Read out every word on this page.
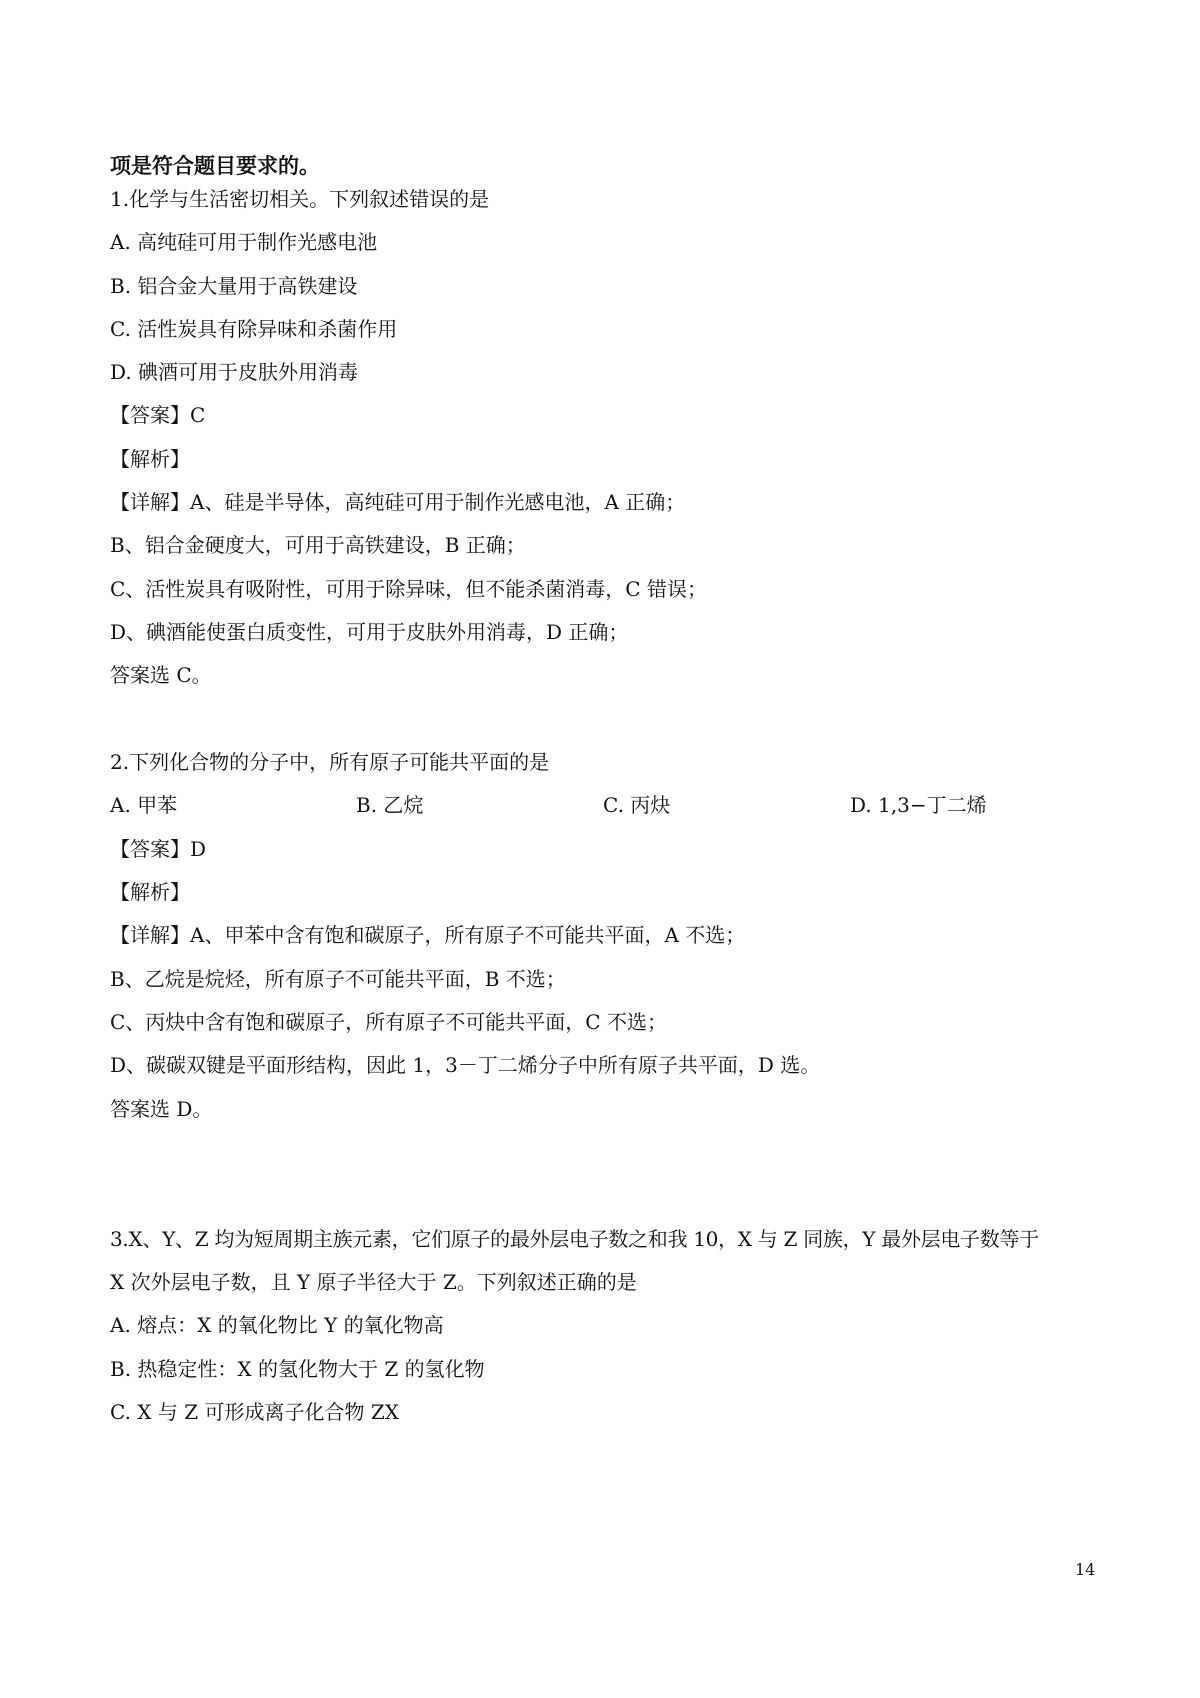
项是符合题目要求的。
1.化学与生活密切相关。下列叙述错误的是
A. 高纯硅可用于制作光感电池
B. 铝合金大量用于高铁建设
C. 活性炭具有除异味和杀菌作用
D. 碘酒可用于皮肤外用消毒
【答案】C
【解析】
【详解】A、硅是半导体，高纯硅可用于制作光感电池，A 正确；
B、铝合金硬度大，可用于高铁建设，B 正确；
C、活性炭具有吸附性，可用于除异味，但不能杀菌消毒，C 错误；
D、碘酒能使蛋白质变性，可用于皮肤外用消毒，D 正确；
答案选 C。
2.下列化合物的分子中，所有原子可能共平面的是
A. 甲苯	B. 乙烷	C. 丙炔	D. 1,3−丁二烯
【答案】D
【解析】
【详解】A、甲苯中含有饱和碳原子，所有原子不可能共平面，A 不选；
B、乙烷是烷烃，所有原子不可能共平面，B 不选；
C、丙炔中含有饱和碳原子，所有原子不可能共平面，C 不选；
D、碳碳双键是平面形结构，因此 1，3－丁二烯分子中所有原子共平面，D 选。
答案选 D。
3.X、Y、Z 均为短周期主族元素，它们原子的最外层电子数之和我 10，X 与 Z 同族，Y 最外层电子数等于
X 次外层电子数，且 Y 原子半径大于 Z。下列叙述正确的是
A. 熔点：X 的氧化物比 Y 的氧化物高
B. 热稳定性：X 的氢化物大于 Z 的氢化物
C. X 与 Z 可形成离子化合物 ZX
14
